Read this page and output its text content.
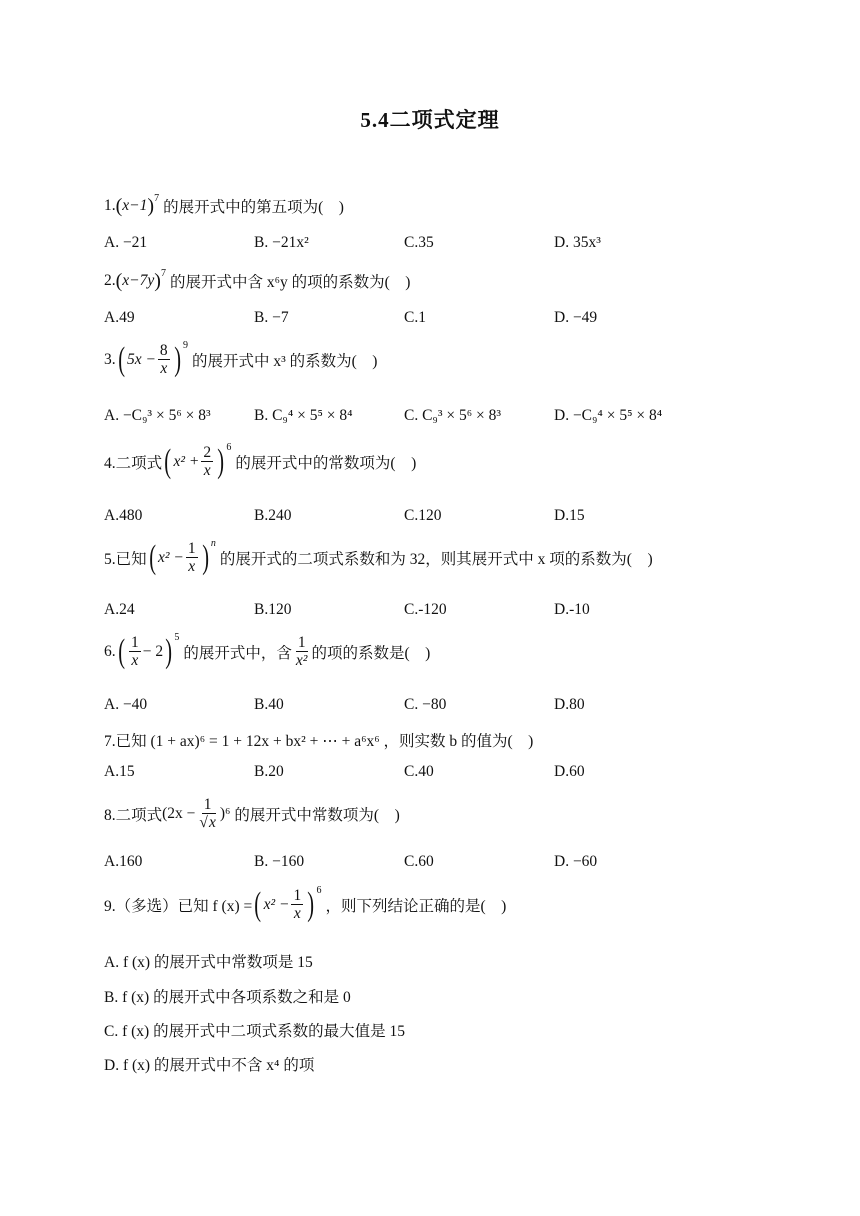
5.4二项式定理
1. ( x−1 ) 7
的展开式中的第五项为(　)
A. −21	B. −21x²	C.35	D. 35x³
2. ( x−7y ) 7
的展开式中含 x⁶y 的项的系数为(　)
A.49	B. −7	C.1	D. −49
3. ( $5x - \frac{8}{x}$ ) 9
的展开式中 x³ 的系数为(　)
A. −C₉³ × 5⁶ × 8³	B. C₉⁴ × 5⁵ × 8⁴	C. C₉³ × 5⁶ × 8³	D. −C₉⁴ × 5⁵ × 8⁴
4.二项式 ( $x^2 + \frac{2}{x}$ ) 6
的展开式中的常数项为(　)
A.480	B.240	C.120	D.15
5.已知 ( $x^2 - \frac{1}{x}$ ) n
的展开式的二项式系数和为 32，则其展开式中 x 项的系数为(　)
A.24	B.120	C.-120	D.-10
6. ( $\frac{1}{x} - 2$ ) 5
的展开式中，含 $\frac{1}{\text{x²}}$ 的项的系数是(　)
A. −40	B.40	C. −80	D.80
7.已知 (1 + ax)⁶ = 1 + 12x + bx² + ⋯ + a⁶x⁶ ，则实数 b 的值为(　)
A.15	B.20	C.40	D.60
8.二项式 $(2x - \frac{1}{√x} )^6$ 的展开式中常数项为(　)
A.160	B. −160	C.60	D. −60
9.（多选）已知 f (x) = ( $x^2 - \frac{1}{x}$ ) 6
，则下列结论正确的是(　)
A. f (x) 的展开式中常数项是 15
B. f (x) 的展开式中各项系数之和是 0
C. f (x) 的展开式中二项式系数的最大值是 15
D. f (x) 的展开式中不含 x⁴ 的项
